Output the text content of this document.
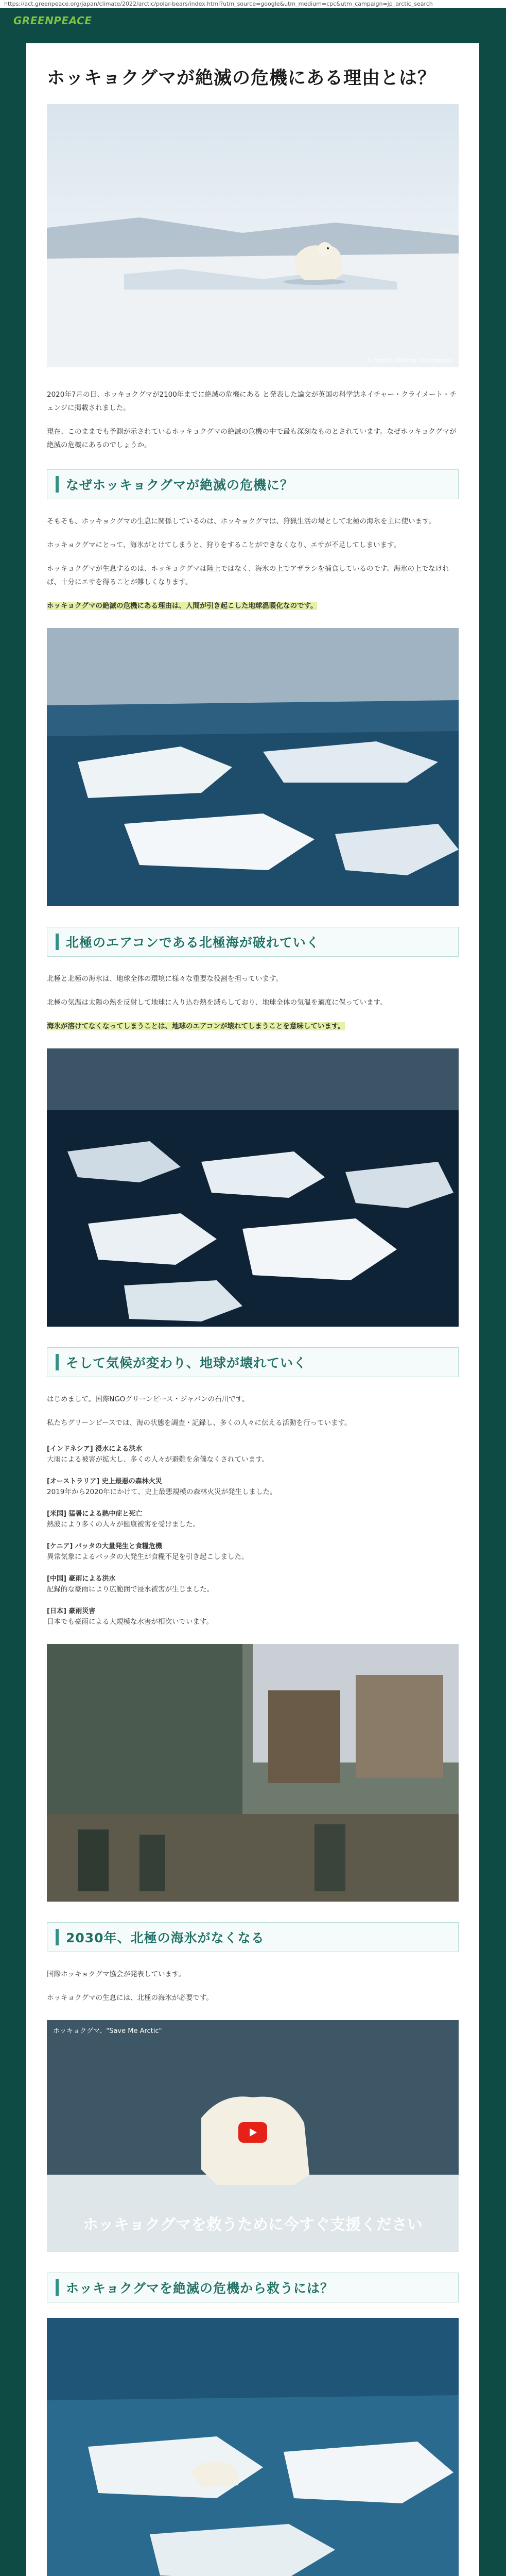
https://act.greenpeace.org/japan/climate/2022/arctic/polar-bears/index.html?utm_source=google&utm_medium=cpc&utm_campaign=jp_arctic_search
GREENPEACE
ホッキョクグマが絶滅の危機にある理由とは？
© Bernice Chirinos / Greenpeace

2020年7月の日、ホッキョクグマが2100年までに絶滅の危機にある と発表した論文が英国の科学誌ネイチャー・クライメート・チェンジに掲載されました。

現在、このままでも予測が示されているホッキョクグマの絶滅の危機の中で最も深刻なものとされています。なぜホッキョクグマが絶滅の危機にあるのでしょうか。

なぜホッキョクグマが絶滅の危機に？

そもそも、ホッキョクグマの生息に関係しているのは、ホッキョクグマは、狩猟生活の場として北極の海氷を主に使います。

ホッキョクグマにとって、海氷がとけてしまうと、狩りをすることができなくなり、エサが不足してしまいます。

ホッキョクグマが生息するのは、ホッキョクグマは陸上ではなく、海氷の上でアザラシを捕食しているのです。海氷の上でなければ、十分にエサを得ることが難しくなります。

ホッキョクグマの絶滅の危機にある理由は、人間が引き起こした地球温暖化なのです。

北極のエアコンである北極海が破れていく

北極と北極の海氷は、地球全体の環境に様々な重要な役割を担っています。

北極の気温は太陽の熱を反射して地球に入り込む熱を減らしており、地球全体の気温を適度に保っています。

海氷が溶けてなくなってしまうことは、地球のエアコンが壊れてしまうことを意味しています。

そして気候が変わり、地球が壊れていく

はじめまして。国際NGOグリーンピース・ジャパンの石川です。

私たちグリーンピースでは、海の状態を調査・記録し、多くの人々に伝える活動を行っています。

[インドネシア] 浸水による洪水

大雨による被害が拡大し、多くの人々が避難を余儀なくされています。

[オーストラリア] 史上最悪の森林火災

2019年から2020年にかけて、史上最悪規模の森林火災が発生しました。

[米国] 猛暑による熱中症と死亡

熱波により多くの人々が健康被害を受けました。

[ケニア] バッタの大量発生と食糧危機

異常気象によるバッタの大発生が食糧不足を引き起こしました。

[中国] 豪雨による洪水

記録的な豪雨により広範囲で浸水被害が生じました。

[日本] 豪雨災害

日本でも豪雨による大規模な水害が相次いでいます。

2030年、北極の海氷がなくなる

国際ホッキョクグマ協会が発表しています。

ホッキョクグマの生息には、北極の海氷が必要です。

ホッキョクグマ、"Save Me Arctic"
ホッキョクグマを救うために今すぐ支援ください
ホッキョクグマを絶滅の危機から救うには？
